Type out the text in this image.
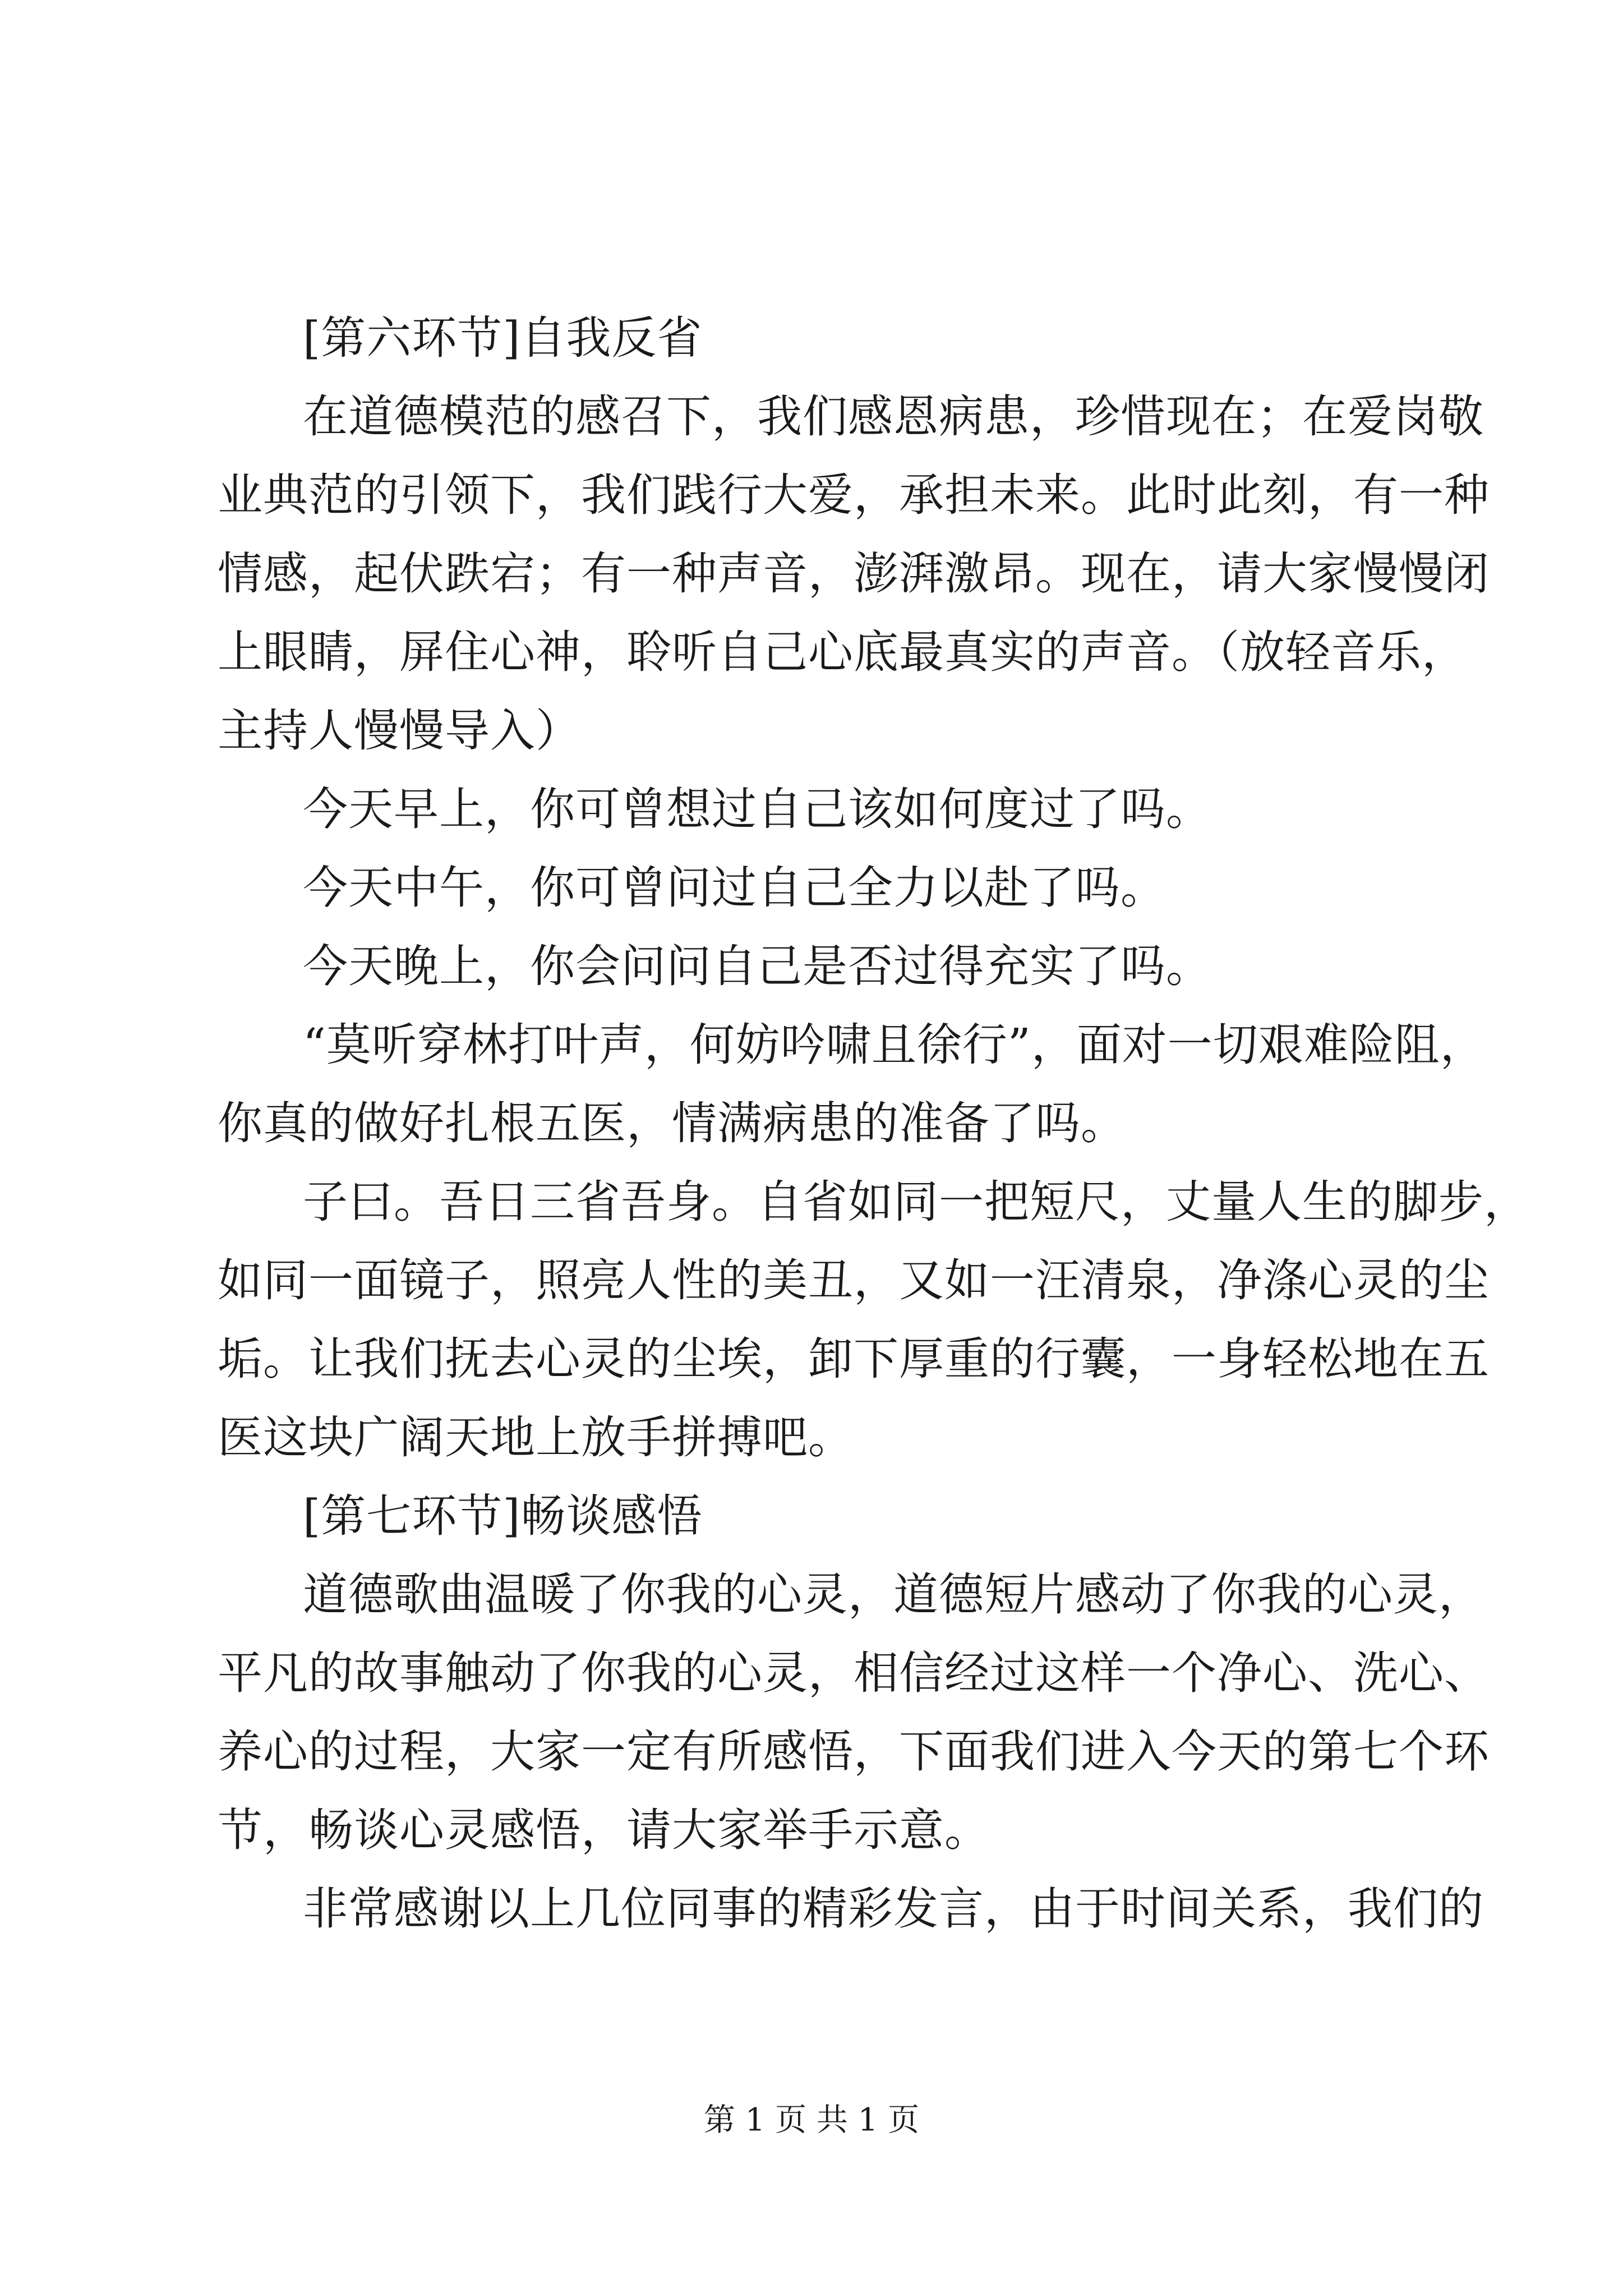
[第六环节]自我反省
在道德模范的感召下，我们感恩病患，珍惜现在；在爱岗敬
业典范的引领下，我们践行大爱，承担未来。此时此刻，有一种
情感，起伏跌宕；有一种声音，澎湃激昂。现在，请大家慢慢闭
上眼睛，屏住心神，聆听自己心底最真实的声音。（放轻音乐，
主持人慢慢导入）
今天早上，你可曾想过自己该如何度过了吗。
今天中午，你可曾问过自己全力以赴了吗。
今天晚上，你会问问自己是否过得充实了吗。
“莫听穿林打叶声，何妨吟啸且徐行”，面对一切艰难险阻，
你真的做好扎根五医，情满病患的准备了吗。
子曰。吾日三省吾身。自省如同一把短尺，丈量人生的脚步，
如同一面镜子，照亮人性的美丑，又如一汪清泉，净涤心灵的尘
垢。让我们抚去心灵的尘埃，卸下厚重的行囊，一身轻松地在五
医这块广阔天地上放手拼搏吧。
[第七环节]畅谈感悟
道德歌曲温暖了你我的心灵，道德短片感动了你我的心灵，
平凡的故事触动了你我的心灵，相信经过这样一个净心、洗心、
养心的过程，大家一定有所感悟，下面我们进入今天的第七个环
节，畅谈心灵感悟，请大家举手示意。
非常感谢以上几位同事的精彩发言，由于时间关系，我们的
第 1 页 共 1 页
